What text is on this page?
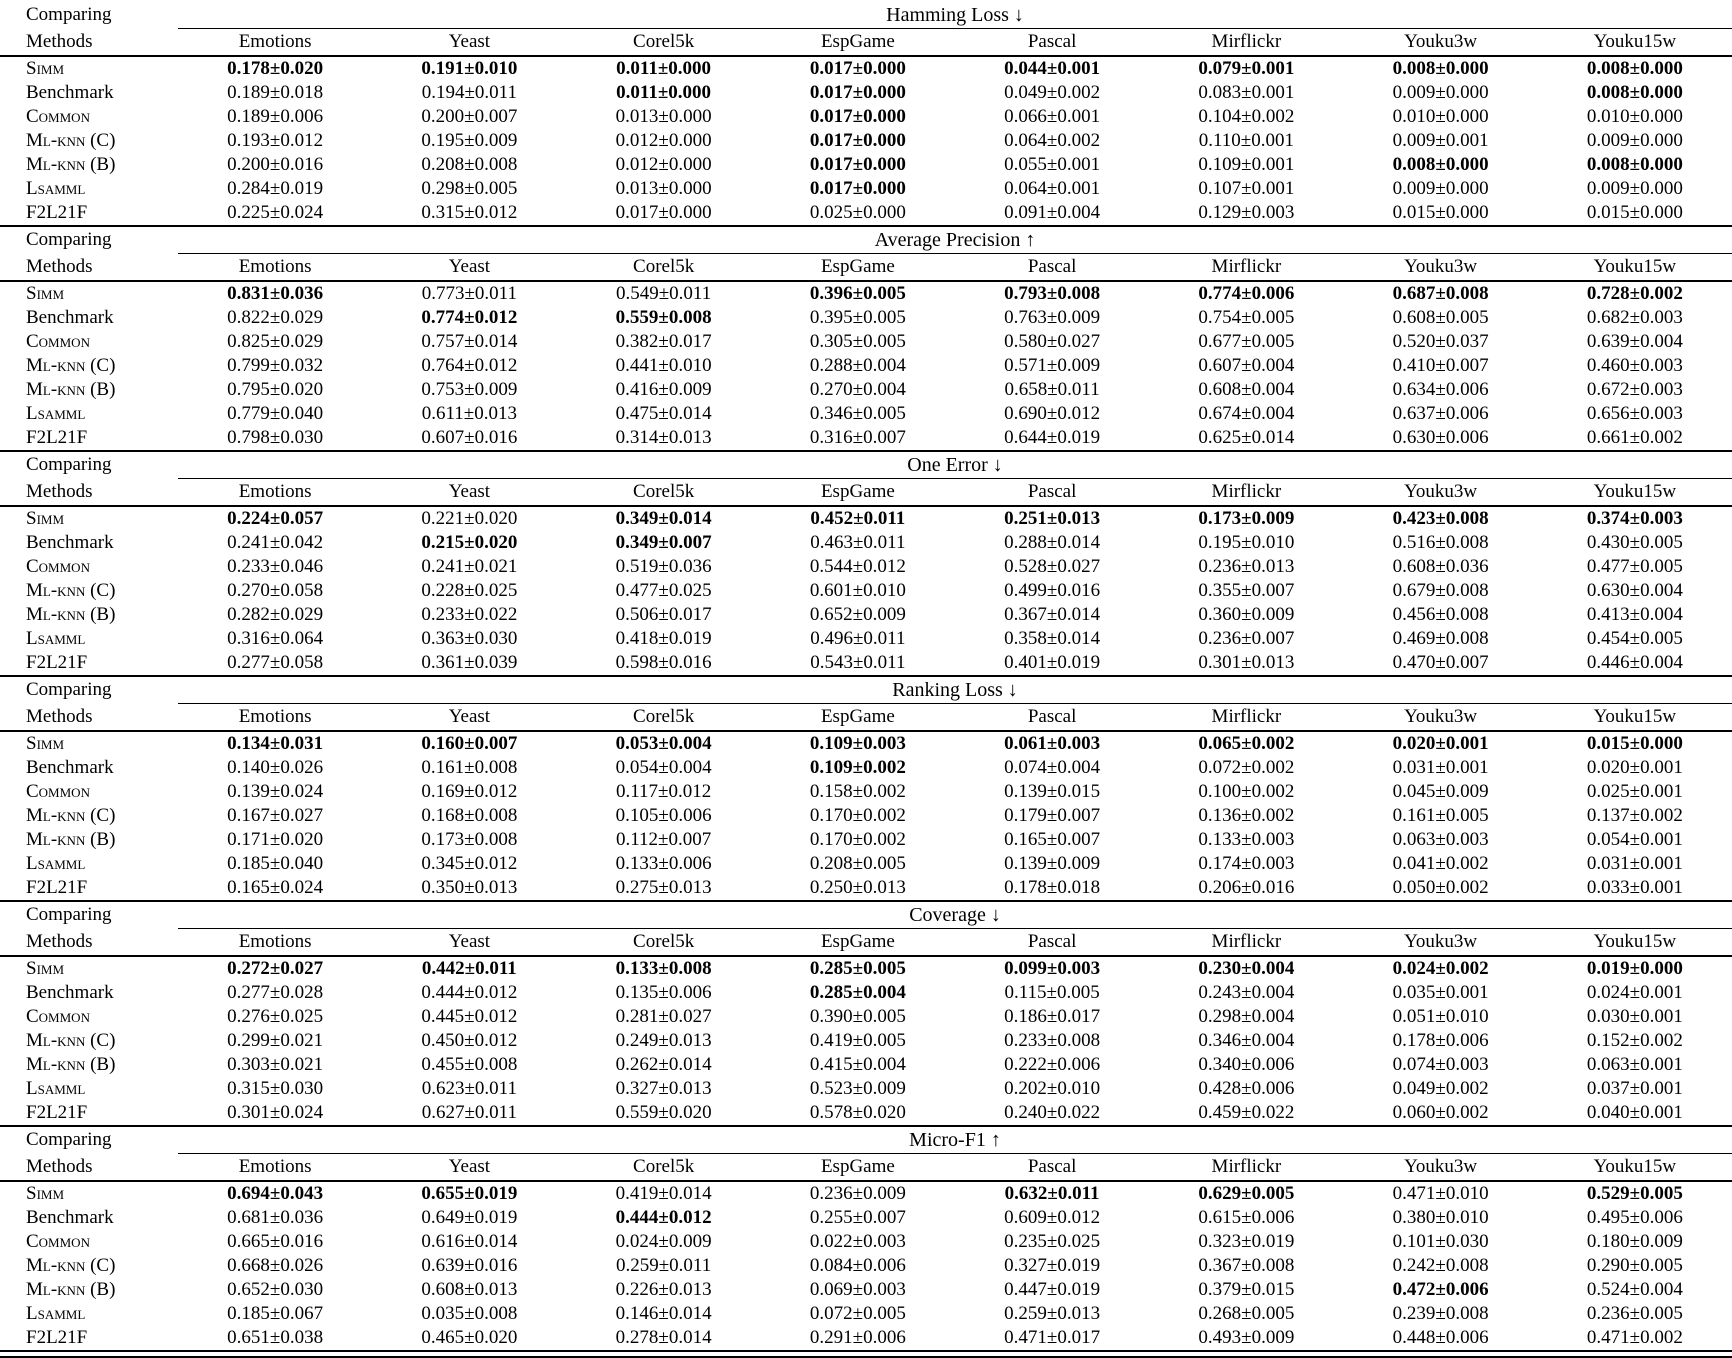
Comparing	Hamming Loss ↓							
Methods	Emotions	Yeast	Corel5k	EspGame	Pascal	Mirflickr	Youku3w	Youku15w
Simm	0.178±0.020	0.191±0.010	0.011±0.000	0.017±0.000	0.044±0.001	0.079±0.001	0.008±0.000	0.008±0.000
Benchmark	0.189±0.018	0.194±0.011	0.011±0.000	0.017±0.000	0.049±0.002	0.083±0.001	0.009±0.000	0.008±0.000
Common	0.189±0.006	0.200±0.007	0.013±0.000	0.017±0.000	0.066±0.001	0.104±0.002	0.010±0.000	0.010±0.000
Ml-knn (C)	0.193±0.012	0.195±0.009	0.012±0.000	0.017±0.000	0.064±0.002	0.110±0.001	0.009±0.001	0.009±0.000
Ml-knn (B)	0.200±0.016	0.208±0.008	0.012±0.000	0.017±0.000	0.055±0.001	0.109±0.001	0.008±0.000	0.008±0.000
Lsamml	0.284±0.019	0.298±0.005	0.013±0.000	0.017±0.000	0.064±0.001	0.107±0.001	0.009±0.000	0.009±0.000
F2L21F	0.225±0.024	0.315±0.012	0.017±0.000	0.025±0.000	0.091±0.004	0.129±0.003	0.015±0.000	0.015±0.000
Comparing	Average Precision ↑							
Methods	Emotions	Yeast	Corel5k	EspGame	Pascal	Mirflickr	Youku3w	Youku15w
Simm	0.831±0.036	0.773±0.011	0.549±0.011	0.396±0.005	0.793±0.008	0.774±0.006	0.687±0.008	0.728±0.002
Benchmark	0.822±0.029	0.774±0.012	0.559±0.008	0.395±0.005	0.763±0.009	0.754±0.005	0.608±0.005	0.682±0.003
Common	0.825±0.029	0.757±0.014	0.382±0.017	0.305±0.005	0.580±0.027	0.677±0.005	0.520±0.037	0.639±0.004
Ml-knn (C)	0.799±0.032	0.764±0.012	0.441±0.010	0.288±0.004	0.571±0.009	0.607±0.004	0.410±0.007	0.460±0.003
Ml-knn (B)	0.795±0.020	0.753±0.009	0.416±0.009	0.270±0.004	0.658±0.011	0.608±0.004	0.634±0.006	0.672±0.003
Lsamml	0.779±0.040	0.611±0.013	0.475±0.014	0.346±0.005	0.690±0.012	0.674±0.004	0.637±0.006	0.656±0.003
F2L21F	0.798±0.030	0.607±0.016	0.314±0.013	0.316±0.007	0.644±0.019	0.625±0.014	0.630±0.006	0.661±0.002
Comparing	One Error ↓							
Methods	Emotions	Yeast	Corel5k	EspGame	Pascal	Mirflickr	Youku3w	Youku15w
Simm	0.224±0.057	0.221±0.020	0.349±0.014	0.452±0.011	0.251±0.013	0.173±0.009	0.423±0.008	0.374±0.003
Benchmark	0.241±0.042	0.215±0.020	0.349±0.007	0.463±0.011	0.288±0.014	0.195±0.010	0.516±0.008	0.430±0.005
Common	0.233±0.046	0.241±0.021	0.519±0.036	0.544±0.012	0.528±0.027	0.236±0.013	0.608±0.036	0.477±0.005
Ml-knn (C)	0.270±0.058	0.228±0.025	0.477±0.025	0.601±0.010	0.499±0.016	0.355±0.007	0.679±0.008	0.630±0.004
Ml-knn (B)	0.282±0.029	0.233±0.022	0.506±0.017	0.652±0.009	0.367±0.014	0.360±0.009	0.456±0.008	0.413±0.004
Lsamml	0.316±0.064	0.363±0.030	0.418±0.019	0.496±0.011	0.358±0.014	0.236±0.007	0.469±0.008	0.454±0.005
F2L21F	0.277±0.058	0.361±0.039	0.598±0.016	0.543±0.011	0.401±0.019	0.301±0.013	0.470±0.007	0.446±0.004
Comparing	Ranking Loss ↓							
Methods	Emotions	Yeast	Corel5k	EspGame	Pascal	Mirflickr	Youku3w	Youku15w
Simm	0.134±0.031	0.160±0.007	0.053±0.004	0.109±0.003	0.061±0.003	0.065±0.002	0.020±0.001	0.015±0.000
Benchmark	0.140±0.026	0.161±0.008	0.054±0.004	0.109±0.002	0.074±0.004	0.072±0.002	0.031±0.001	0.020±0.001
Common	0.139±0.024	0.169±0.012	0.117±0.012	0.158±0.002	0.139±0.015	0.100±0.002	0.045±0.009	0.025±0.001
Ml-knn (C)	0.167±0.027	0.168±0.008	0.105±0.006	0.170±0.002	0.179±0.007	0.136±0.002	0.161±0.005	0.137±0.002
Ml-knn (B)	0.171±0.020	0.173±0.008	0.112±0.007	0.170±0.002	0.165±0.007	0.133±0.003	0.063±0.003	0.054±0.001
Lsamml	0.185±0.040	0.345±0.012	0.133±0.006	0.208±0.005	0.139±0.009	0.174±0.003	0.041±0.002	0.031±0.001
F2L21F	0.165±0.024	0.350±0.013	0.275±0.013	0.250±0.013	0.178±0.018	0.206±0.016	0.050±0.002	0.033±0.001
Comparing	Coverage ↓							
Methods	Emotions	Yeast	Corel5k	EspGame	Pascal	Mirflickr	Youku3w	Youku15w
Simm	0.272±0.027	0.442±0.011	0.133±0.008	0.285±0.005	0.099±0.003	0.230±0.004	0.024±0.002	0.019±0.000
Benchmark	0.277±0.028	0.444±0.012	0.135±0.006	0.285±0.004	0.115±0.005	0.243±0.004	0.035±0.001	0.024±0.001
Common	0.276±0.025	0.445±0.012	0.281±0.027	0.390±0.005	0.186±0.017	0.298±0.004	0.051±0.010	0.030±0.001
Ml-knn (C)	0.299±0.021	0.450±0.012	0.249±0.013	0.419±0.005	0.233±0.008	0.346±0.004	0.178±0.006	0.152±0.002
Ml-knn (B)	0.303±0.021	0.455±0.008	0.262±0.014	0.415±0.004	0.222±0.006	0.340±0.006	0.074±0.003	0.063±0.001
Lsamml	0.315±0.030	0.623±0.011	0.327±0.013	0.523±0.009	0.202±0.010	0.428±0.006	0.049±0.002	0.037±0.001
F2L21F	0.301±0.024	0.627±0.011	0.559±0.020	0.578±0.020	0.240±0.022	0.459±0.022	0.060±0.002	0.040±0.001
Comparing	Micro-F1 ↑							
Methods	Emotions	Yeast	Corel5k	EspGame	Pascal	Mirflickr	Youku3w	Youku15w
Simm	0.694±0.043	0.655±0.019	0.419±0.014	0.236±0.009	0.632±0.011	0.629±0.005	0.471±0.010	0.529±0.005
Benchmark	0.681±0.036	0.649±0.019	0.444±0.012	0.255±0.007	0.609±0.012	0.615±0.006	0.380±0.010	0.495±0.006
Common	0.665±0.016	0.616±0.014	0.024±0.009	0.022±0.003	0.235±0.025	0.323±0.019	0.101±0.030	0.180±0.009
Ml-knn (C)	0.668±0.026	0.639±0.016	0.259±0.011	0.084±0.006	0.327±0.019	0.367±0.008	0.242±0.008	0.290±0.005
Ml-knn (B)	0.652±0.030	0.608±0.013	0.226±0.013	0.069±0.003	0.447±0.019	0.379±0.015	0.472±0.006	0.524±0.004
Lsamml	0.185±0.067	0.035±0.008	0.146±0.014	0.072±0.005	0.259±0.013	0.268±0.005	0.239±0.008	0.236±0.005
F2L21F	0.651±0.038	0.465±0.020	0.278±0.014	0.291±0.006	0.471±0.017	0.493±0.009	0.448±0.006	0.471±0.002
